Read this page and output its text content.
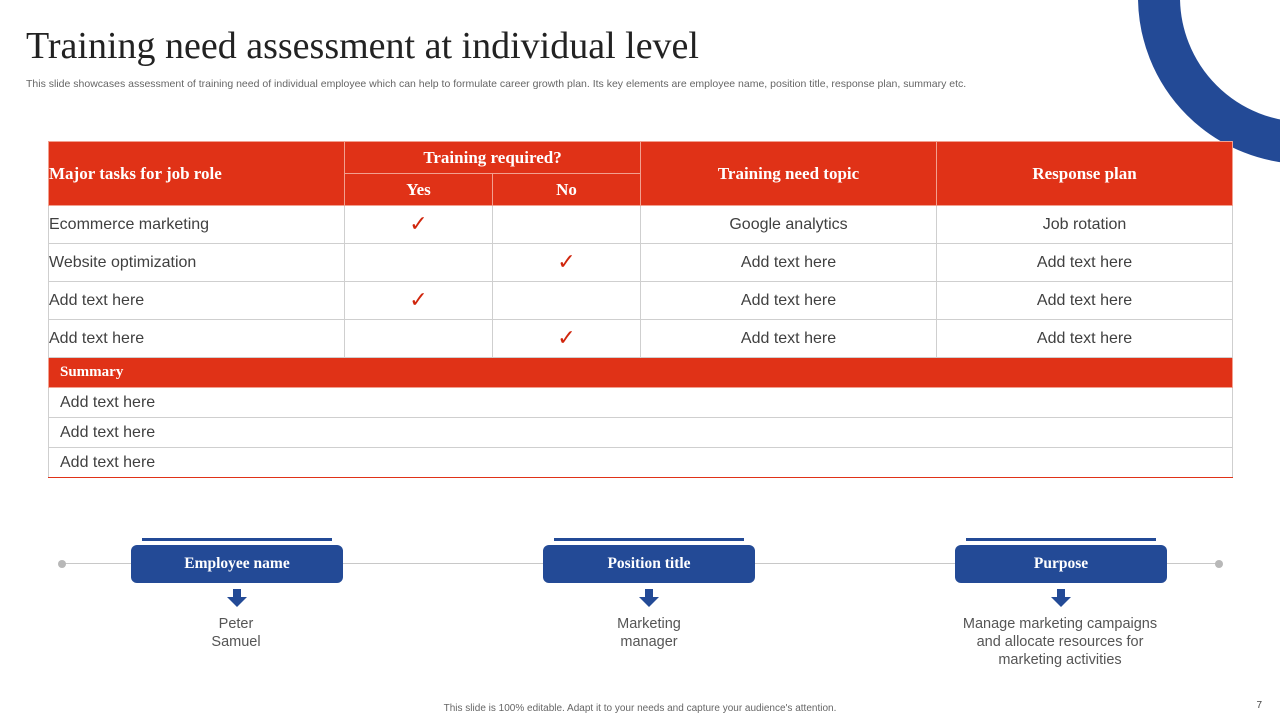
Training need assessment at individual level
This slide showcases assessment of training need of individual employee which can help to formulate career growth plan. Its key elements are employee name, position title, response plan, summary etc.
Major tasks for job role	Training required?		Training need topic	Response plan
	Yes	No		
Ecommerce marketing	✓		Google analytics	Job rotation
Website optimization		✓	Add text here	Add text here
Add text here	✓		Add text here	Add text here
Add text here		✓	Add text here	Add text here
Summary				
Add text here				
Add text here				
Add text here				
Employee name
Peter
Samuel
Position title
Marketing
manager
Purpose
Manage marketing campaigns
and allocate resources for
marketing activities
This slide is 100% editable. Adapt it to your needs and capture your audience's attention.	7
